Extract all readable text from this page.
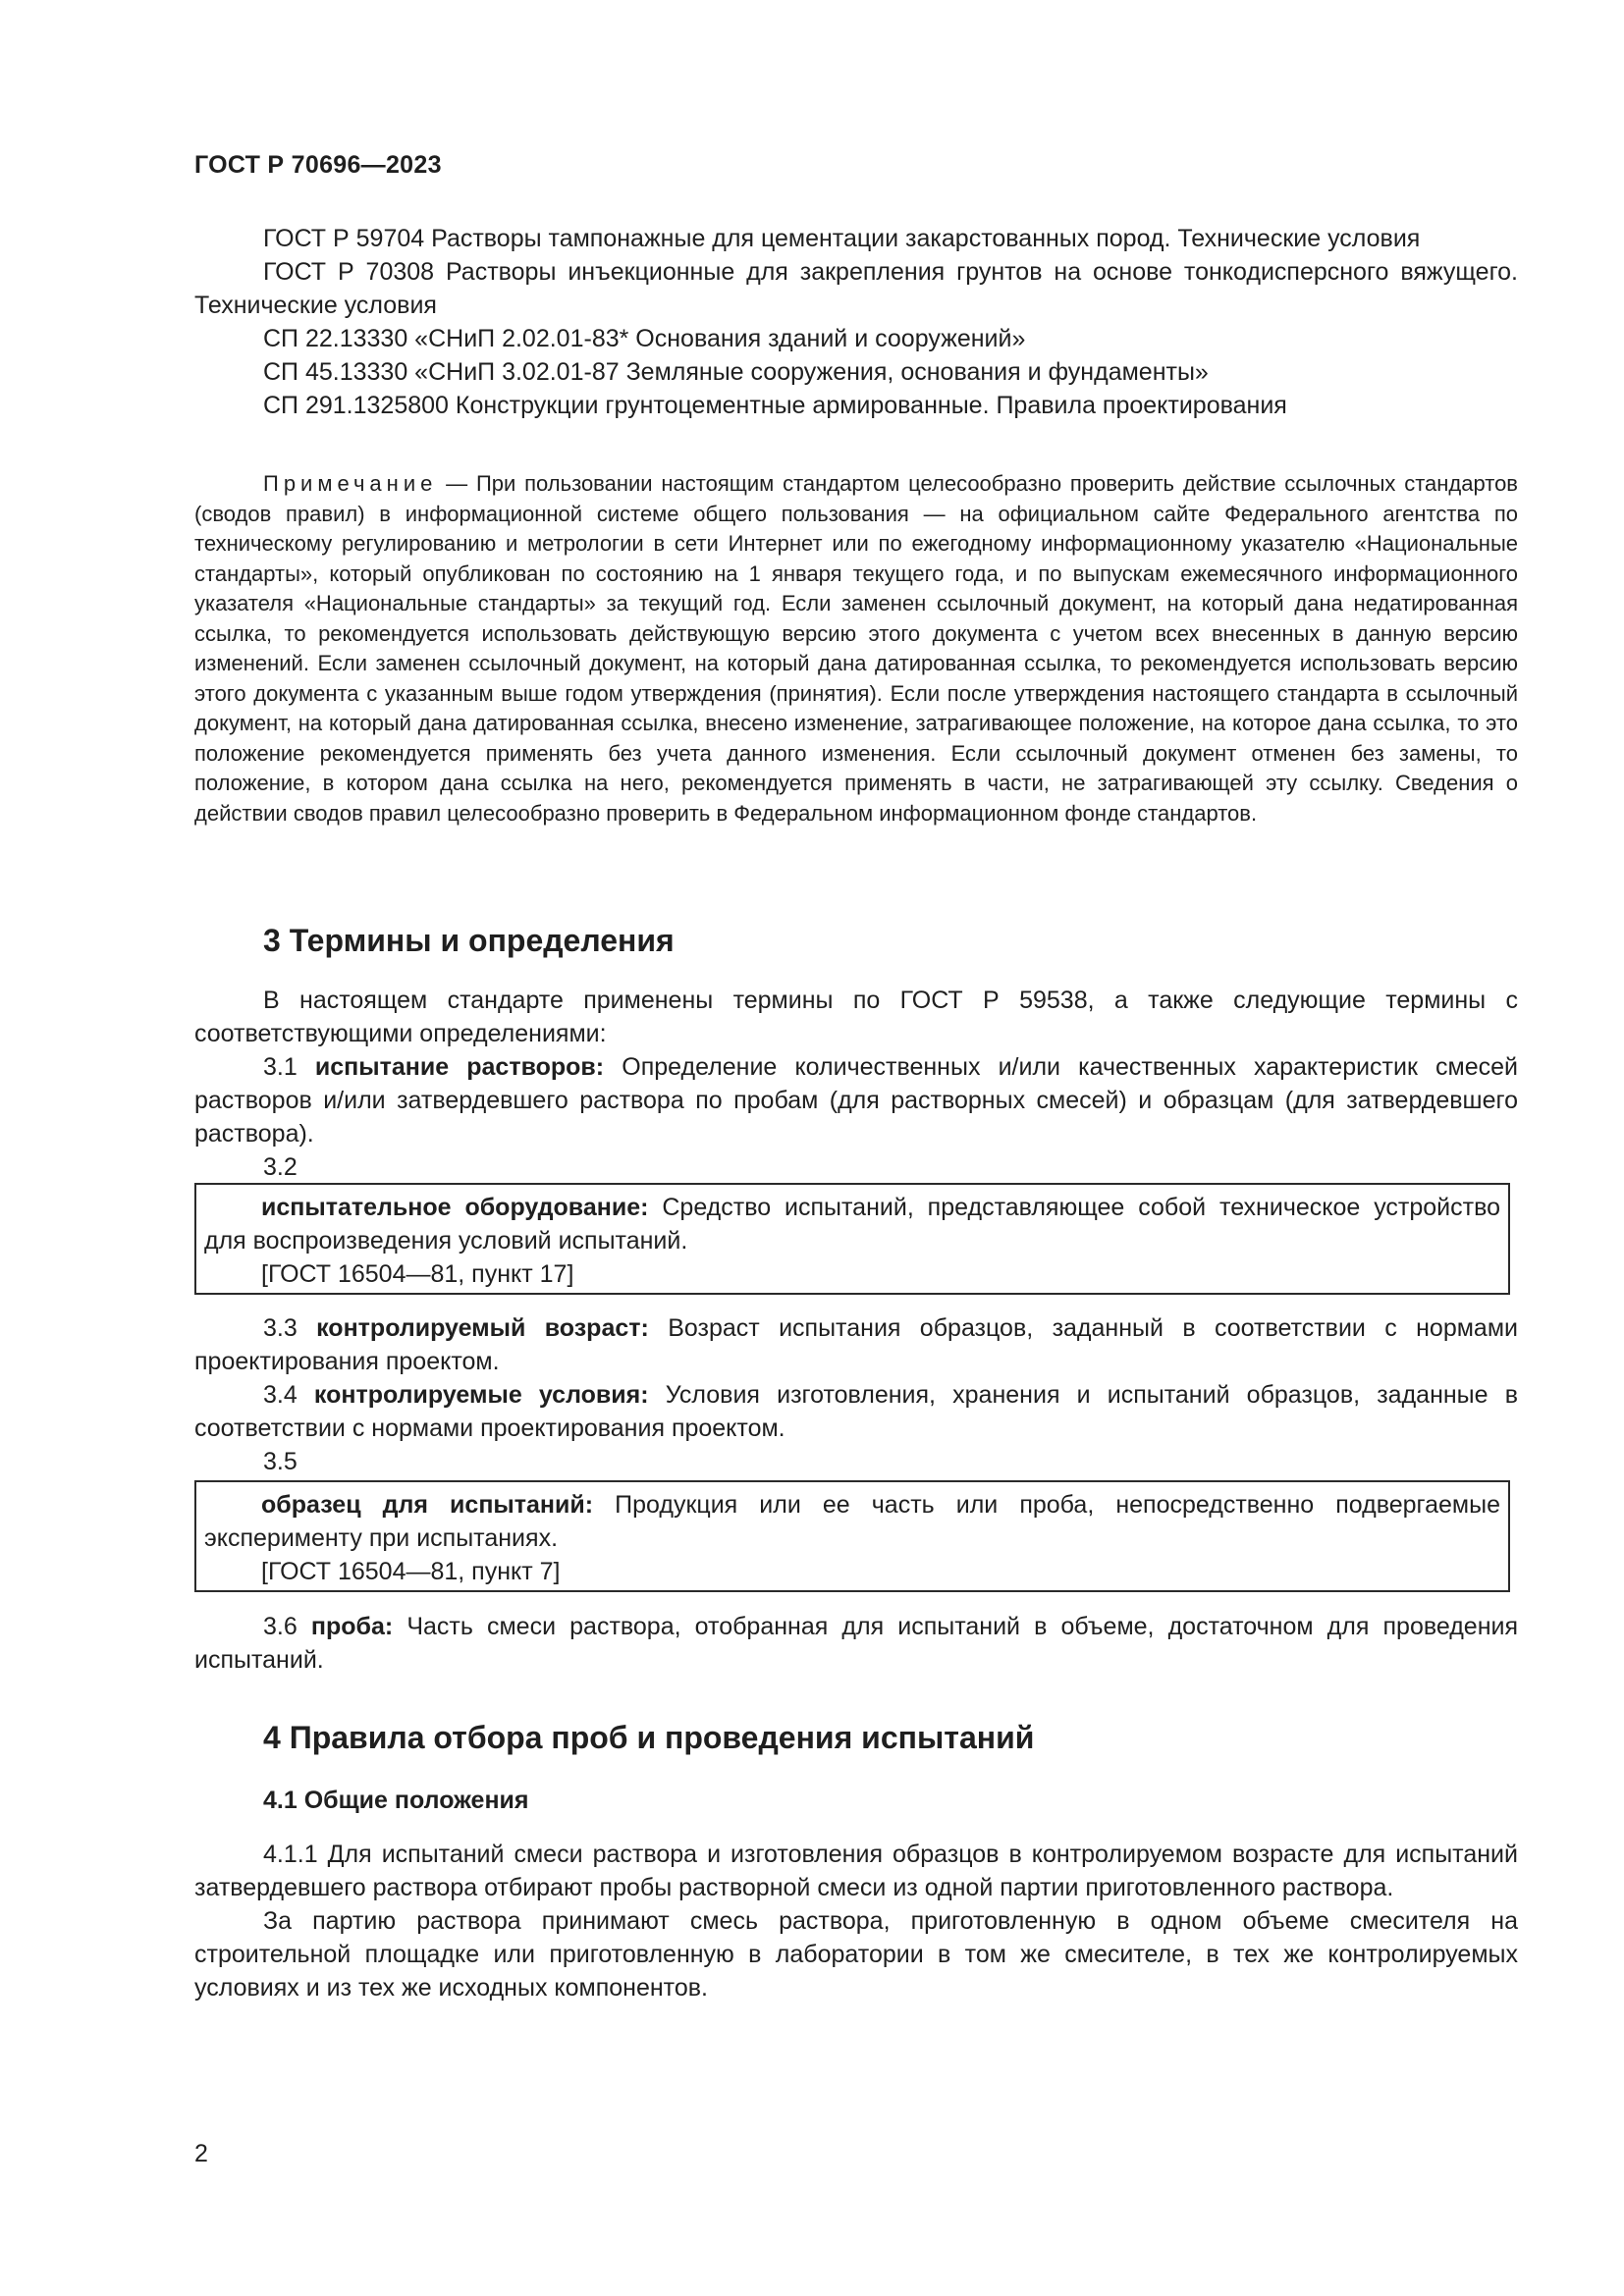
ГОСТ Р 70696—2023

ГОСТ Р 59704 Растворы тампонажные для цементации закарстованных пород. Технические условия

ГОСТ Р 70308 Растворы инъекционные для закрепления грунтов на основе тонкодисперсного вяжущего. Технические условия

СП 22.13330 «СНиП 2.02.01-83* Основания зданий и сооружений»

СП 45.13330 «СНиП 3.02.01-87 Земляные сооружения, основания и фундаменты»

СП 291.1325800 Конструкции грунтоцементные армированные. Правила проектирования

Примечание — При пользовании настоящим стандартом целесообразно проверить действие ссылочных стандартов (сводов правил) в информационной системе общего пользования — на официальном сайте Федерального агентства по техническому регулированию и метрологии в сети Интернет или по ежегодному информационному указателю «Национальные стандарты», который опубликован по состоянию на 1 января текущего года, и по выпускам ежемесячного информационного указателя «Национальные стандарты» за текущий год. Если заменен ссылочный документ, на который дана недатированная ссылка, то рекомендуется использовать действующую версию этого документа с учетом всех внесенных в данную версию изменений. Если заменен ссылочный документ, на который дана датированная ссылка, то рекомендуется использовать версию этого документа с указанным выше годом утверждения (принятия). Если после утверждения настоящего стандарта в ссылочный документ, на который дана датированная ссылка, внесено изменение, затрагивающее положение, на которое дана ссылка, то это положение рекомендуется применять без учета данного изменения. Если ссылочный документ отменен без замены, то положение, в котором дана ссылка на него, рекомендуется применять в части, не затрагивающей эту ссылку. Сведения о действии сводов правил целесообразно проверить в Федеральном информационном фонде стандартов.

3 Термины и определения

В настоящем стандарте применены термины по ГОСТ Р 59538, а также следующие термины с соответствующими определениями:

3.1 испытание растворов: Определение количественных и/или качественных характеристик смесей растворов и/или затвердевшего раствора по пробам (для растворных смесей) и образцам (для затвердевшего раствора).

3.2

испытательное оборудование: Средство испытаний, представляющее собой техническое устройство для воспроизведения условий испытаний.

[ГОСТ 16504—81, пункт 17]

3.3 контролируемый возраст: Возраст испытания образцов, заданный в соответствии с нормами проектирования проектом.

3.4 контролируемые условия: Условия изготовления, хранения и испытаний образцов, заданные в соответствии с нормами проектирования проектом.

3.5

образец для испытаний: Продукция или ее часть или проба, непосредственно подвергаемые эксперименту при испытаниях.

[ГОСТ 16504—81, пункт 7]

3.6 проба: Часть смеси раствора, отобранная для испытаний в объеме, достаточном для проведения испытаний.

4 Правила отбора проб и проведения испытаний
4.1 Общие положения

4.1.1 Для испытаний смеси раствора и изготовления образцов в контролируемом возрасте для испытаний затвердевшего раствора отбирают пробы растворной смеси из одной партии приготовленного раствора.

За партию раствора принимают смесь раствора, приготовленную в одном объеме смесителя на строительной площадке или приготовленную в лаборатории в том же смесителе, в тех же контролируемых условиях и из тех же исходных компонентов.

2
